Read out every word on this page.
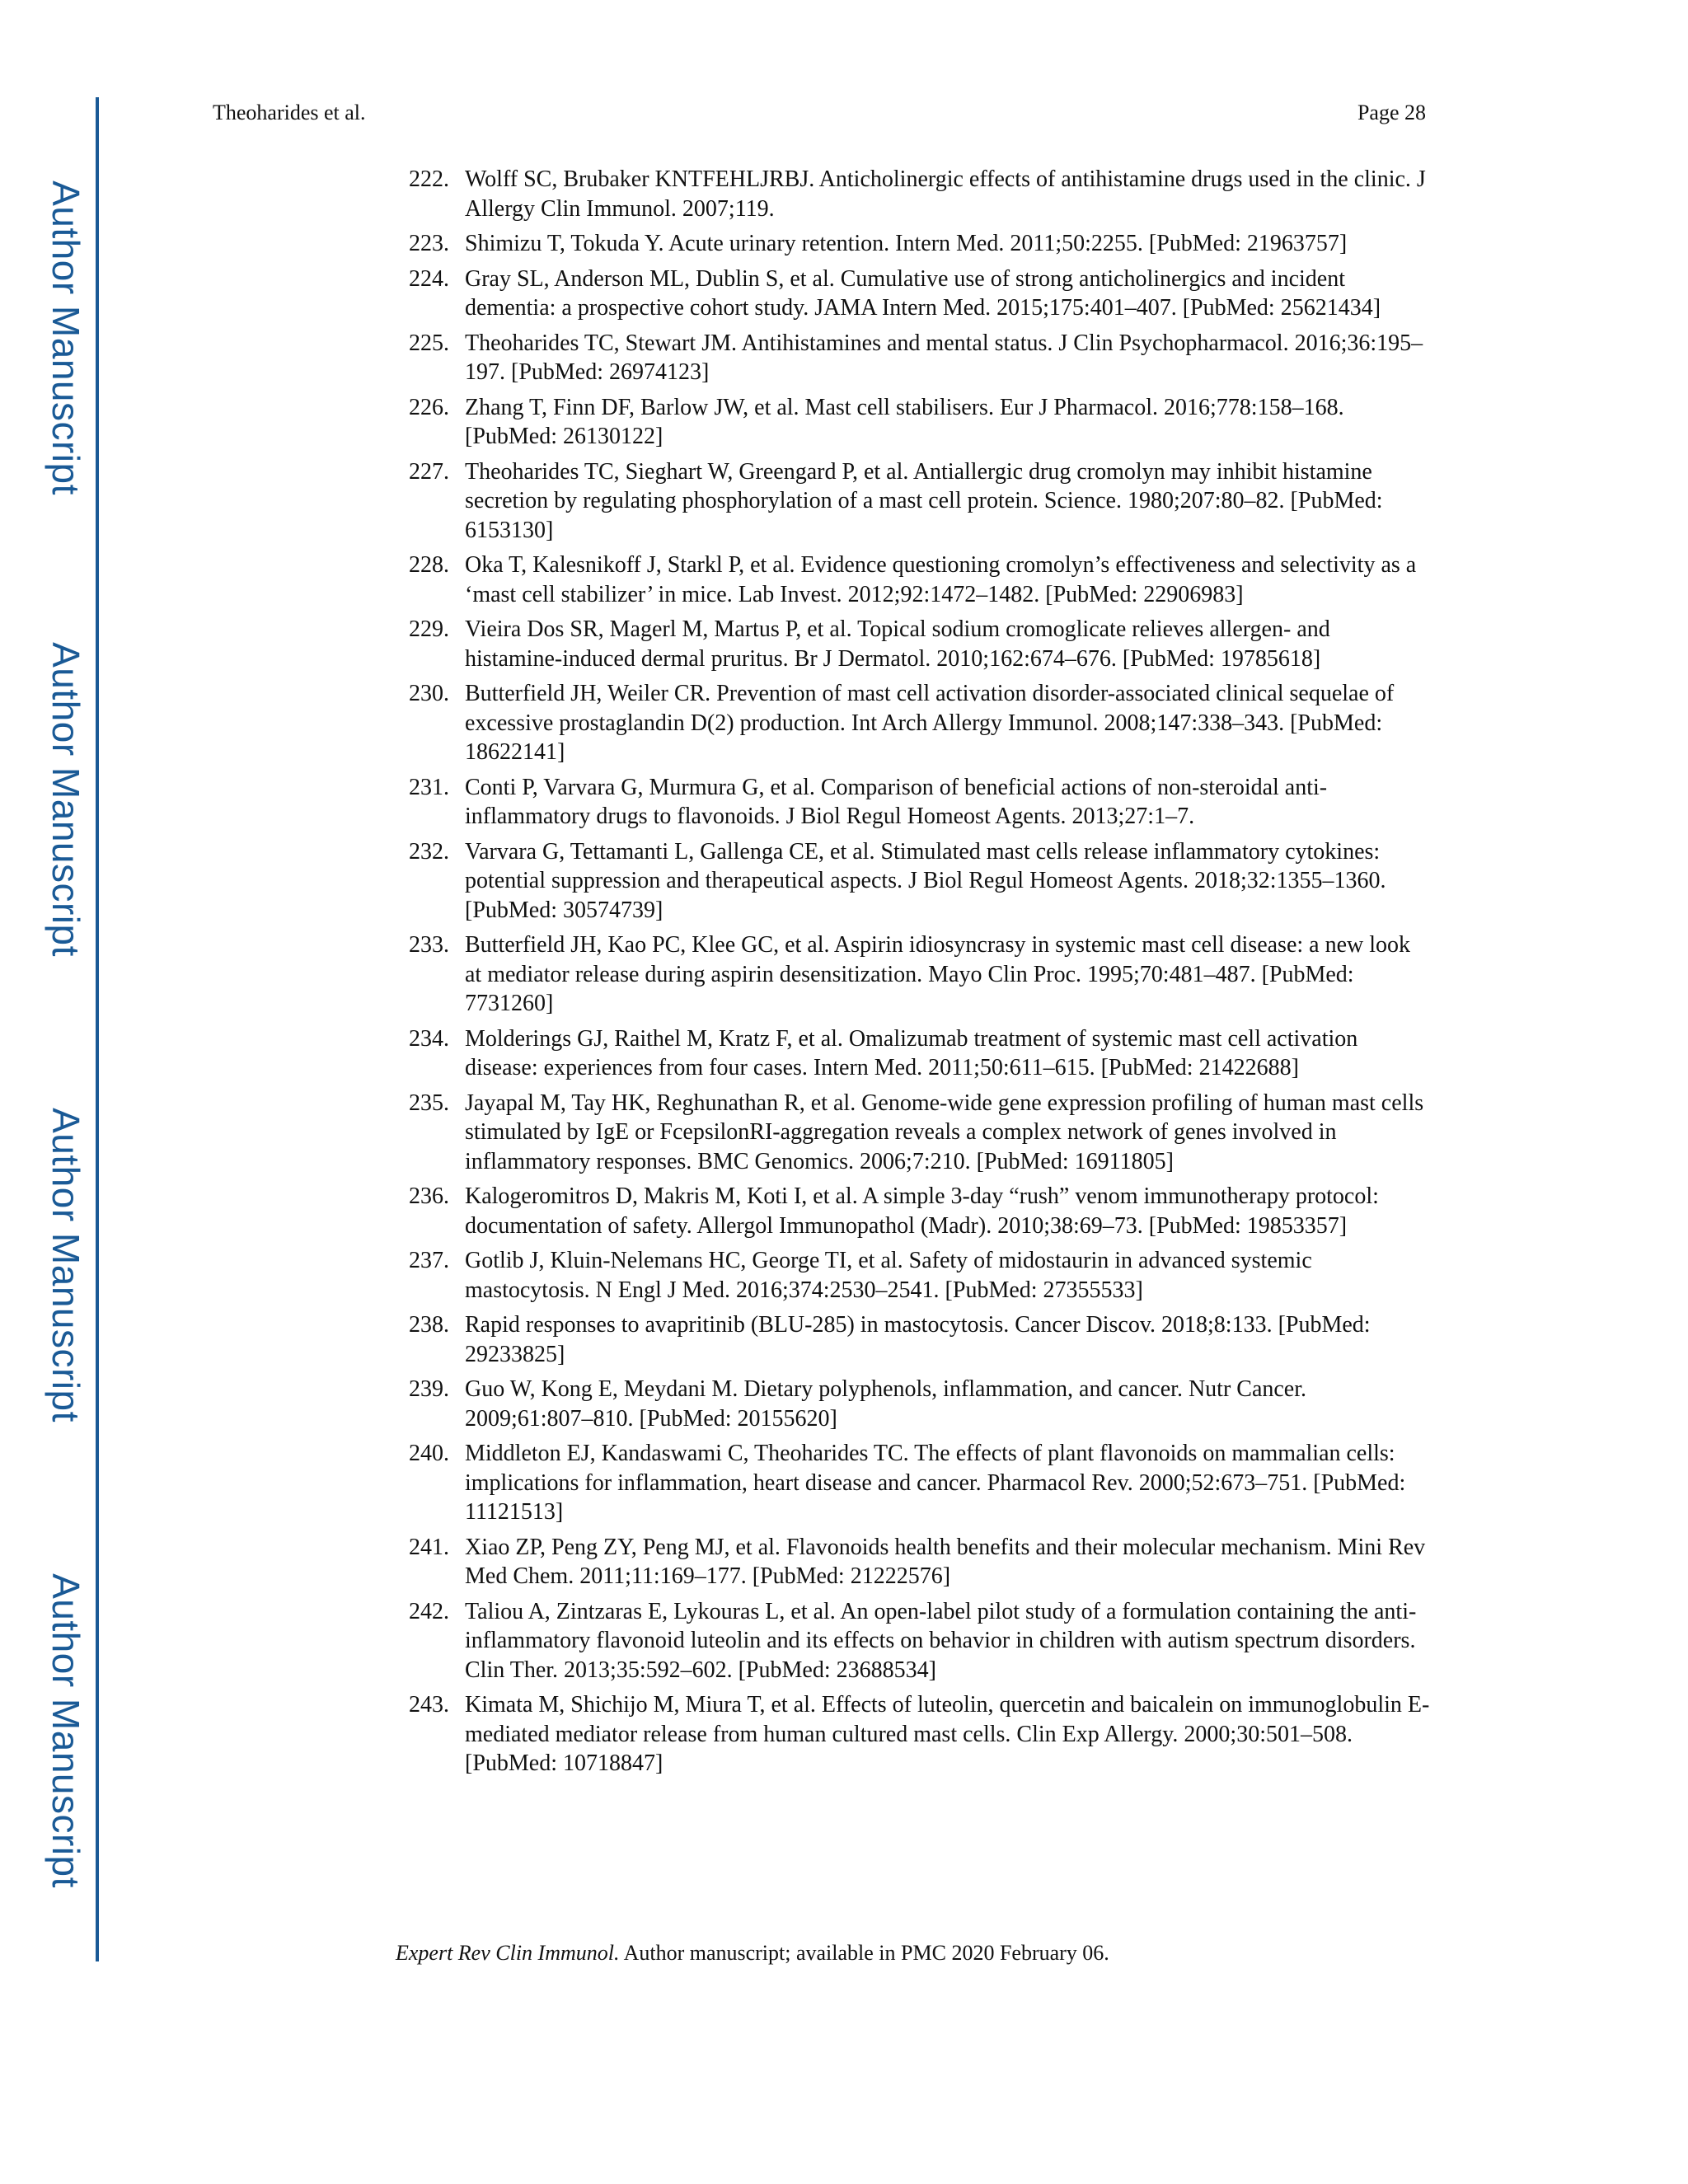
Author Manuscript
Author Manuscript
Author Manuscript
Author Manuscript
Theoharides et al.	Page 28
222. Wolff SC, Brubaker KNTFEHLJRBJ. Anticholinergic effects of antihistamine drugs used in the clinic. J Allergy Clin Immunol. 2007;119.
223. Shimizu T, Tokuda Y. Acute urinary retention. Intern Med. 2011;50:2255. [PubMed: 21963757]
224. Gray SL, Anderson ML, Dublin S, et al. Cumulative use of strong anticholinergics and incident dementia: a prospective cohort study. JAMA Intern Med. 2015;175:401–407. [PubMed: 25621434]
225. Theoharides TC, Stewart JM. Antihistamines and mental status. J Clin Psychopharmacol. 2016;36:195–197. [PubMed: 26974123]
226. Zhang T, Finn DF, Barlow JW, et al. Mast cell stabilisers. Eur J Pharmacol. 2016;778:158–168. [PubMed: 26130122]
227. Theoharides TC, Sieghart W, Greengard P, et al. Antiallergic drug cromolyn may inhibit histamine secretion by regulating phosphorylation of a mast cell protein. Science. 1980;207:80–82. [PubMed: 6153130]
228. Oka T, Kalesnikoff J, Starkl P, et al. Evidence questioning cromolyn’s effectiveness and selectivity as a ‘mast cell stabilizer’ in mice. Lab Invest. 2012;92:1472–1482. [PubMed: 22906983]
229. Vieira Dos SR, Magerl M, Martus P, et al. Topical sodium cromoglicate relieves allergen- and histamine-induced dermal pruritus. Br J Dermatol. 2010;162:674–676. [PubMed: 19785618]
230. Butterfield JH, Weiler CR. Prevention of mast cell activation disorder-associated clinical sequelae of excessive prostaglandin D(2) production. Int Arch Allergy Immunol. 2008;147:338–343. [PubMed: 18622141]
231. Conti P, Varvara G, Murmura G, et al. Comparison of beneficial actions of non-steroidal anti-inflammatory drugs to flavonoids. J Biol Regul Homeost Agents. 2013;27:1–7.
232. Varvara G, Tettamanti L, Gallenga CE, et al. Stimulated mast cells release inflammatory cytokines: potential suppression and therapeutical aspects. J Biol Regul Homeost Agents. 2018;32:1355–1360. [PubMed: 30574739]
233. Butterfield JH, Kao PC, Klee GC, et al. Aspirin idiosyncrasy in systemic mast cell disease: a new look at mediator release during aspirin desensitization. Mayo Clin Proc. 1995;70:481–487. [PubMed: 7731260]
234. Molderings GJ, Raithel M, Kratz F, et al. Omalizumab treatment of systemic mast cell activation disease: experiences from four cases. Intern Med. 2011;50:611–615. [PubMed: 21422688]
235. Jayapal M, Tay HK, Reghunathan R, et al. Genome-wide gene expression profiling of human mast cells stimulated by IgE or FcepsilonRI-aggregation reveals a complex network of genes involved in inflammatory responses. BMC Genomics. 2006;7:210. [PubMed: 16911805]
236. Kalogeromitros D, Makris M, Koti I, et al. A simple 3-day “rush” venom immunotherapy protocol: documentation of safety. Allergol Immunopathol (Madr). 2010;38:69–73. [PubMed: 19853357]
237. Gotlib J, Kluin-Nelemans HC, George TI, et al. Safety of midostaurin in advanced systemic mastocytosis. N Engl J Med. 2016;374:2530–2541. [PubMed: 27355533]
238. Rapid responses to avapritinib (BLU-285) in mastocytosis. Cancer Discov. 2018;8:133. [PubMed: 29233825]
239. Guo W, Kong E, Meydani M. Dietary polyphenols, inflammation, and cancer. Nutr Cancer. 2009;61:807–810. [PubMed: 20155620]
240. Middleton EJ, Kandaswami C, Theoharides TC. The effects of plant flavonoids on mammalian cells: implications for inflammation, heart disease and cancer. Pharmacol Rev. 2000;52:673–751. [PubMed: 11121513]
241. Xiao ZP, Peng ZY, Peng MJ, et al. Flavonoids health benefits and their molecular mechanism. Mini Rev Med Chem. 2011;11:169–177. [PubMed: 21222576]
242. Taliou A, Zintzaras E, Lykouras L, et al. An open-label pilot study of a formulation containing the anti-inflammatory flavonoid luteolin and its effects on behavior in children with autism spectrum disorders. Clin Ther. 2013;35:592–602. [PubMed: 23688534]
243. Kimata M, Shichijo M, Miura T, et al. Effects of luteolin, quercetin and baicalein on immunoglobulin E-mediated mediator release from human cultured mast cells. Clin Exp Allergy. 2000;30:501–508. [PubMed: 10718847]
Expert Rev Clin Immunol. Author manuscript; available in PMC 2020 February 06.
